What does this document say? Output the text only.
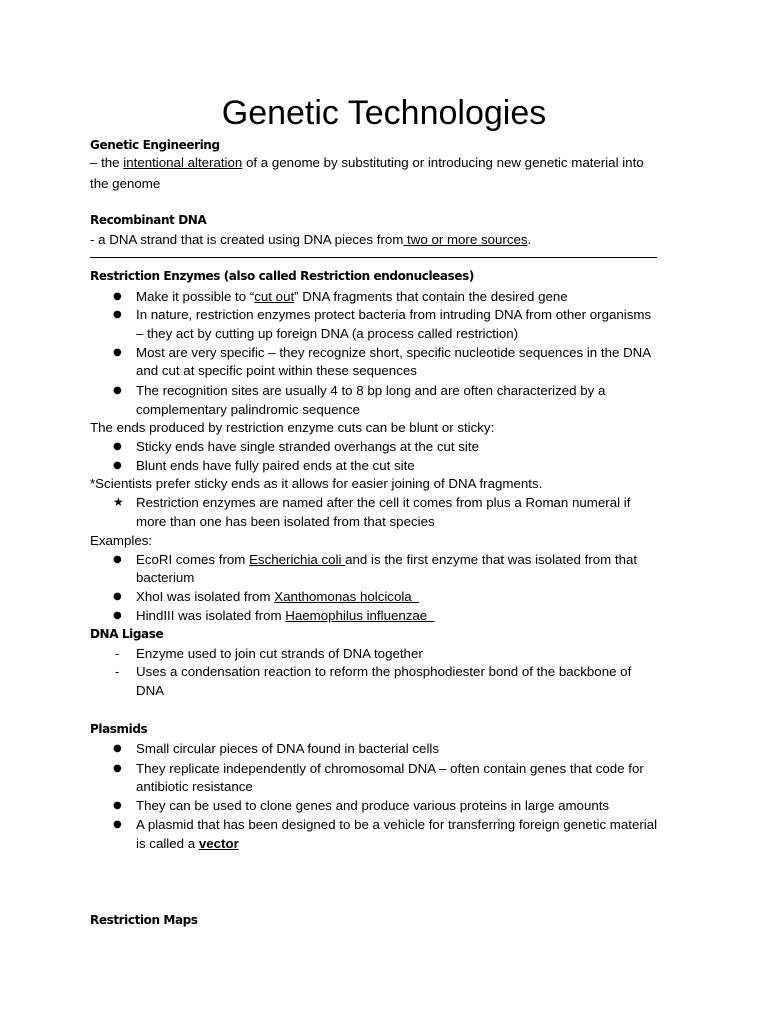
Genetic Technologies
Genetic Engineering
– the intentional alteration of a genome by substituting or introducing new genetic material into
the genome
Recombinant DNA
- a DNA strand that is created using DNA pieces from two or more sources.
Restriction Enzymes (also called Restriction endonucleases)
● Make it possible to “cut out” DNA fragments that contain the desired gene
● In nature, restriction enzymes protect bacteria from intruding DNA from other organisms
– they act by cutting up foreign DNA (a process called restriction)
● Most are very specific – they recognize short, specific nucleotide sequences in the DNA
and cut at specific point within these sequences
● The recognition sites are usually 4 to 8 bp long and are often characterized by a
complementary palindromic sequence
The ends produced by restriction enzyme cuts can be blunt or sticky:
● Sticky ends have single stranded overhangs at the cut site
● Blunt ends have fully paired ends at the cut site
*Scientists prefer sticky ends as it allows for easier joining of DNA fragments.
★ Restriction enzymes are named after the cell it comes from plus a Roman numeral if
more than one has been isolated from that species
Examples:
● EcoRI comes from Escherichia coli and is the first enzyme that was isolated from that
bacterium
● XhoI was isolated from Xanthomonas holcicola
● HindIII was isolated from Haemophilus influenzae
DNA Ligase
- Enzyme used to join cut strands of DNA together
- Uses a condensation reaction to reform the phosphodiester bond of the backbone of
DNA
Plasmids
● Small circular pieces of DNA found in bacterial cells
● They replicate independently of chromosomal DNA – often contain genes that code for
antibiotic resistance
● They can be used to clone genes and produce various proteins in large amounts
● A plasmid that has been designed to be a vehicle for transferring foreign genetic material
is called a vector
Restriction Maps
